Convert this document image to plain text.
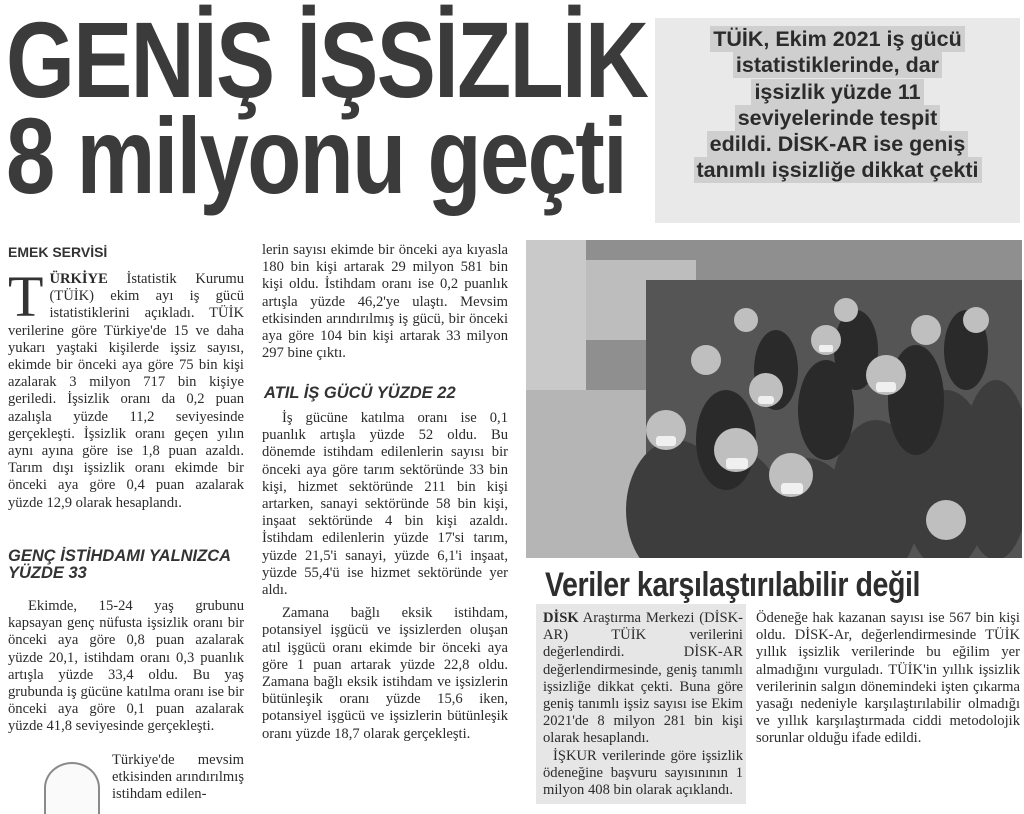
GENİŞ İŞSİZLİK
8 milyonu geçti
TÜİK, Ekim 2021 iş gücü
istatistiklerinde, dar
işsizlik yüzde 11
seviyelerinde tespit
edildi. DİSK-AR ise geniş
tanımlı işsizliğe dikkat çekti

EMEK SERVİSİ

TÜRKİYE İstatistik Kurumu (TÜİK) ekim ayı iş gücü istatistiklerini açıkladı. TÜİK verilerine göre Türkiye'de 15 ve daha yukarı yaştaki kişilerde işsiz sayısı, ekimde bir önceki aya göre 75 bin kişi azalarak 3 milyon 717 bin kişiye geriledi. İşsizlik oranı da 0,2 puan azalışla yüzde 11,2 seviyesinde gerçekleşti. İşsizlik oranı geçen yılın aynı ayına göre ise 1,8 puan azaldı. Tarım dışı işsizlik oranı ekimde bir önceki aya göre 0,4 puan azalarak yüzde 12,9 olarak hesaplandı.

GENÇ İSTİHDAMI YALNIZCA YÜZDE 33

Ekimde, 15-24 yaş grubunu kapsayan genç nüfusta işsizlik oranı bir önceki aya göre 0,8 puan azalarak yüzde 20,1, istihdam oranı 0,3 puanlık artışla yüzde 33,4 oldu. Bu yaş grubunda iş gücüne katılma oranı ise bir önceki aya göre 0,1 puan azalarak yüzde 41,8 seviyesinde gerçekleşti.

Türkiye'de mevsim etkisinden arındırılmış istihdam edilen-

lerin sayısı ekimde bir önceki aya kıyasla 180 bin kişi artarak 29 milyon 581 bin kişi oldu. İstihdam oranı ise 0,2 puanlık artışla yüzde 46,2'ye ulaştı. Mevsim etkisinden arındırılmış iş gücü, bir önceki aya göre 104 bin kişi artarak 33 milyon 297 bine çıktı.

ATIL İŞ GÜCÜ YÜZDE 22

İş gücüne katılma oranı ise 0,1 puanlık artışla yüzde 52 oldu. Bu dönemde istihdam edilenlerin sayısı bir önceki aya göre tarım sektöründe 33 bin kişi, hizmet sektöründe 211 bin kişi artarken, sanayi sektöründe 58 bin kişi, inşaat sektöründe 4 bin kişi azaldı. İstihdam edilenlerin yüzde 17'si tarım, yüzde 21,5'i sanayi, yüzde 6,1'i inşaat, yüzde 55,4'ü ise hizmet sektöründe yer aldı.

Zamana bağlı eksik istihdam, potansiyel işgücü ve işsizlerden oluşan atıl işgücü oranı ekimde bir önceki aya göre 1 puan artarak yüzde 22,8 oldu. Zamana bağlı eksik istihdam ve işsizlerin bütünleşik oranı yüzde 15,6 iken, potansiyel işgücü ve işsizlerin bütünleşik oranı yüzde 18,7 olarak gerçekleşti.

Veriler karşılaştırılabilir değil

DİSK Araştırma Merkezi (DİSK-AR) TÜİK verilerini değerlendirdi. DİSK-AR değerlendirmesinde, geniş tanımlı işsizliğe dikkat çekti. Buna göre geniş tanımlı işsiz sayısı ise Ekim 2021'de 8 milyon 281 bin kişi olarak hesaplandı.

İŞKUR verilerinde göre işsizlik ödeneğine başvuru sayısınının 1 milyon 408 bin olarak açıklandı.

Ödeneğe hak kazanan sayısı ise 567 bin kişi oldu. DİSK-Ar, değerlendirmesinde TÜİK yıllık işsizlik verilerinde bu eğilim yer almadığını vurguladı. TÜİK'in yıllık işsizlik verilerinin salgın dönemindeki işten çıkarma yasağı nedeniyle karşılaştırılabilir olmadığı ve yıllık karşılaştırmada ciddi metodolojik sorunlar olduğu ifade edildi.
